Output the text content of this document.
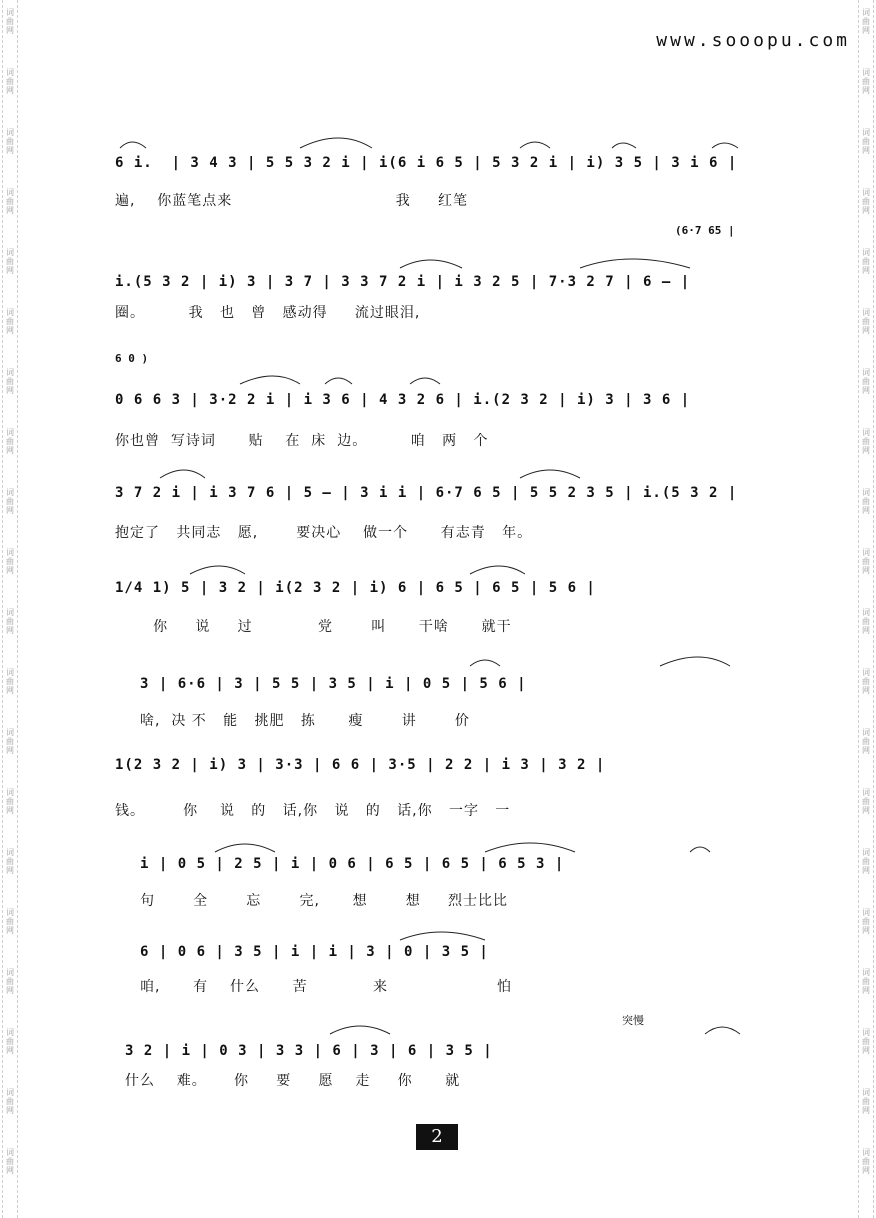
www.sooopu.com
6 i.  | 3 4 3 | 5 5 3 2 i | i(6 i 6 5 | 5 3 2 i | i) 3 5 | 3 i 6 |
遍,    你蓝笔点来                              我     红笔
(6·7 65 |
i.(5 3 2 | i) 3 | 3 7 | 3 3 7 2 i | i 3 2 5 | 7·3 2 7 | 6 — |
圈。        我   也   曾   感动得     流过眼泪,
6 0 )
0 6 6 3 | 3·2 2 i | i 3 6 | 4 3 2 6 | i.(2 3 2 | i) 3 | 3 6 |
你也曾  写诗词      贴    在  床  边。        咱   两   个
3 7 2 i | i 3 7 6 | 5 — | 3 i i | 6·7 6 5 | 5 5 2 3 5 | i.(5 3 2 |
抱定了   共同志   愿,       要决心    做一个      有志青   年。
1/4 1) 5 | 3 2 | i(2 3 2 | i) 6 | 6 5 | 6 5 | 5 6 |
你     说     过            党       叫      干啥      就干
3 | 6·6 | 3 | 5 5 | 3 5 | i | 0 5 | 5 6 |
啥,  决 不   能   挑肥   拣      瘦       讲       价
1(2 3 2 | i) 3 | 3·3 | 6 6 | 3·5 | 2 2 | i 3 | 3 2 |
钱。       你    说   的   话,你   说   的   话,你   一字   一
i | 0 5 | 2 5 | i | 0 6 | 6 5 | 6 5 | 6 5 3 |
句       全       忘       完,      想       想     烈士比比
6 | 0 6 | 3 5 | i | i | 3 | 0 | 3 5 |
咱,      有    什么      苦            来                    怕
突慢
3 2 | i | 0 3 | 3 3 | 6 | 3 | 6 | 3 5 |
什么    难。     你     要     愿    走     你      就
2
词
曲
网
词
曲
网
词
曲
网
词
曲
网
词
曲
网
词
曲
网
词
曲
网
词
曲
网
词
曲
网
词
曲
网
词
曲
网
词
曲
网
词
曲
网
词
曲
网
词
曲
网
词
曲
网
词
曲
网
词
曲
网
词
曲
网
词
曲
网
词
曲
网
词
曲
网
词
曲
网
词
曲
网
词
曲
网
词
曲
网
词
曲
网
词
曲
网
词
曲
网
词
曲
网
词
曲
网
词
曲
网
词
曲
网
词
曲
网
词
曲
网
词
曲
网
词
曲
网
词
曲
网
词
曲
网
词
曲
网
